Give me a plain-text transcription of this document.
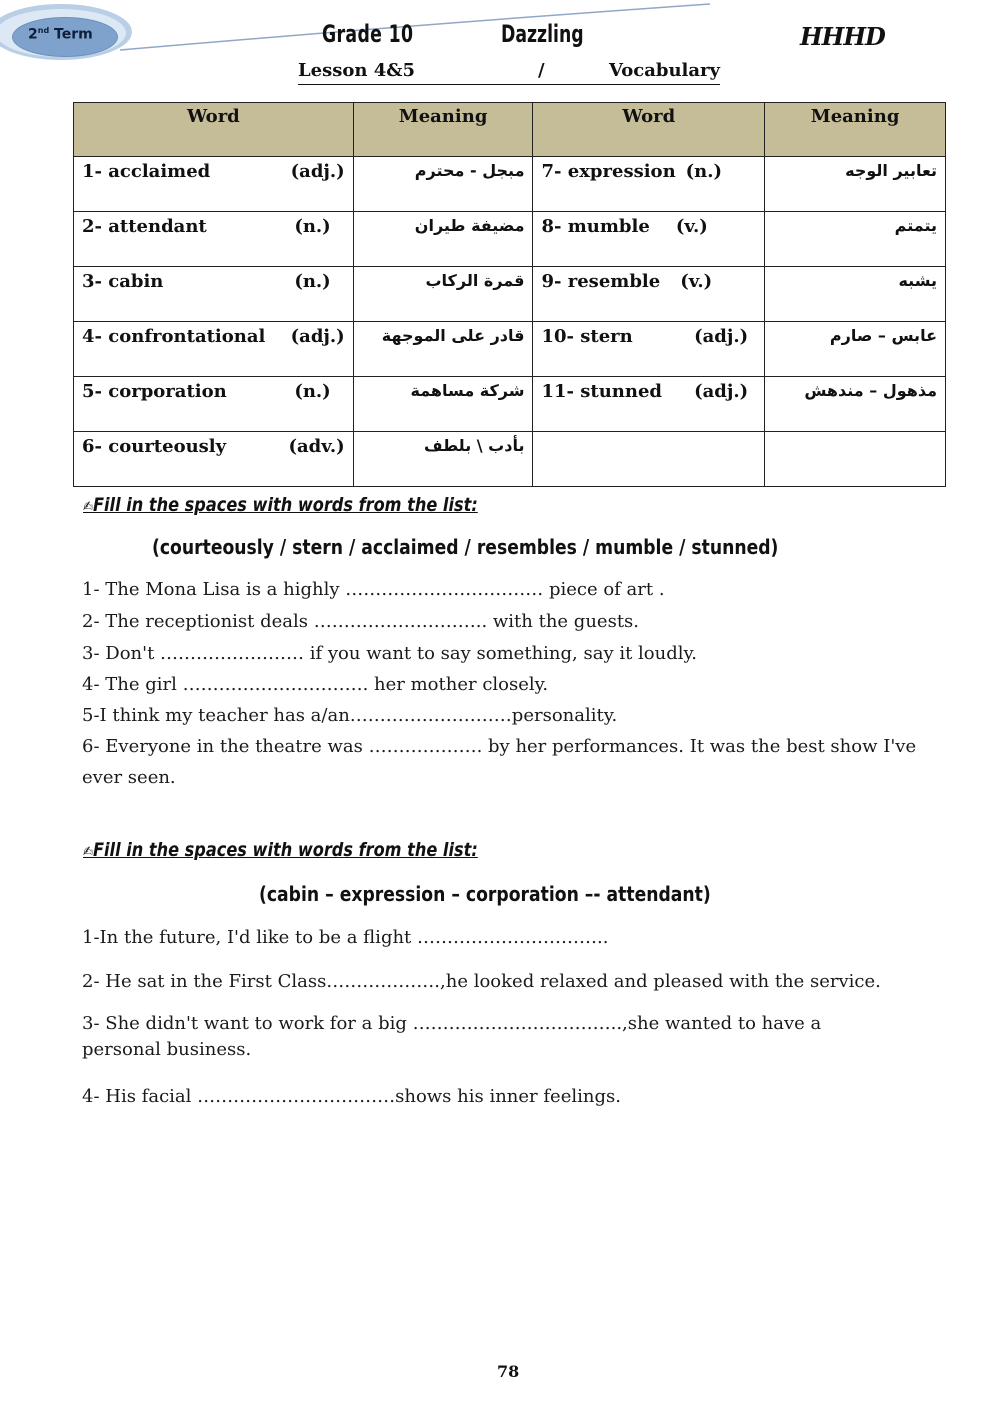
2nd Term	Grade 10	Dazzling	HHHD
Lesson 4&5	/	Vocabulary
Word	Meaning	Word	Meaning

1- acclaimed (adj.)	مبجل - محترم	7- expression (n.)	تعابير الوجه

2- attendant (n.)	مضيفة طيران	8- mumble (v.)	يتمتم

3- cabin (n.)	قمرة الركاب	9- resemble (v.)	يشبه

4- confrontational (adj.)	قادر على الموجهة	10- stern (adj.)	عابس – صارم

5- corporation (n.)	شركة مساهمة	11- stunned (adj.)	مذهول – مندهش

6- courteously (adv.)	بأدب \ بلطف		
✍Fill in the spaces with words from the list:
(courteously / stern / acclaimed / resembles / mumble / stunned)
1- The Mona Lisa is a highly …………………………… piece of art .
2- The receptionist deals ……………………….. with the guests.
3- Don't …………………… if you want to say something, say it loudly.
4- The girl …………………………. her mother closely.
5-I think my teacher has a/an………………………personality.
6- Everyone in the theatre was ………………. by her performances. It was the best show I've ever seen.
✍Fill in the spaces with words from the list:
(cabin – expression – corporation –- attendant)
1-In the future, I'd like to be a flight …………………………..
2- He sat in the First Class……………….,he looked relaxed and pleased with the service.
3- She didn't want to work for a big ……………………………..,she wanted to have a personal business.
4- His facial ……………………………shows his inner feelings.
78
